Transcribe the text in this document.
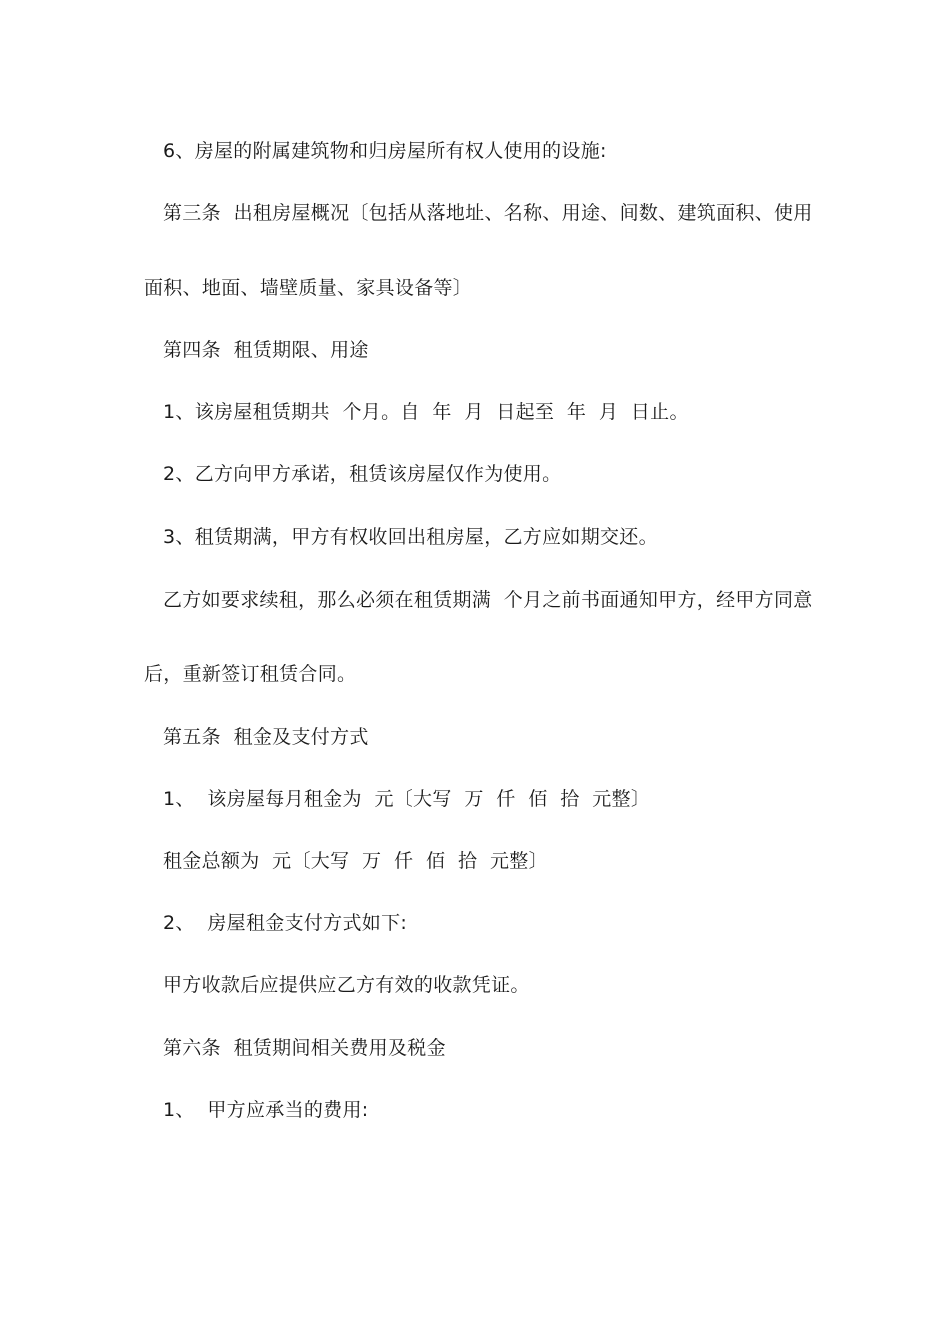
6、房屋的附属建筑物和归房屋所有权人使用的设施:
第三条  出租房屋概况〔包括从落地址、名称、用途、间数、建筑面积、使用
面积、地面、墙壁质量、家具设备等〕
第四条  租赁期限、用途
1、该房屋租赁期共  个月。自  年  月  日起至  年  月  日止。
2、乙方向甲方承诺，租赁该房屋仅作为使用。
3、租赁期满，甲方有权收回出租房屋，乙方应如期交还。
乙方如要求续租，那么必须在租赁期满  个月之前书面通知甲方，经甲方同意
后，重新签订租赁合同。
第五条  租金及支付方式
1、  该房屋每月租金为  元〔大写  万  仟  佰  拾  元整〕
租金总额为  元〔大写  万  仟  佰  拾  元整〕
2、  房屋租金支付方式如下:
甲方收款后应提供应乙方有效的收款凭证。
第六条  租赁期间相关费用及税金
1、  甲方应承当的费用:
